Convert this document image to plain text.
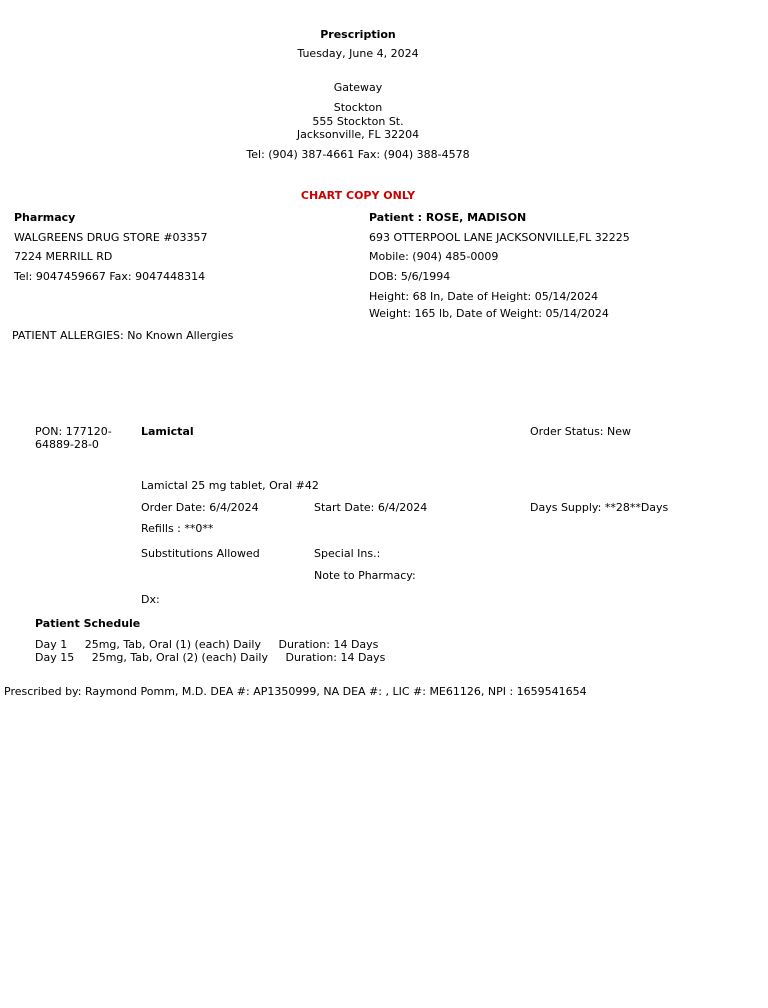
Prescription
Tuesday, June 4, 2024
Gateway
Stockton
555 Stockton St.
Jacksonville, FL 32204
Tel: (904) 387-4661 Fax: (904) 388-4578
CHART COPY ONLY
Pharmacy
WALGREENS DRUG STORE #03357
7224 MERRILL RD
Tel: 9047459667 Fax: 9047448314
Patient : ROSE, MADISON
693 OTTERPOOL LANE JACKSONVILLE,FL 32225
Mobile: (904) 485-0009
DOB: 5/6/1994
Height: 68 In, Date of Height: 05/14/2024
Weight: 165 lb, Date of Weight: 05/14/2024
PATIENT ALLERGIES: No Known Allergies
PON: 177120-64889-28-0
Lamictal	Order Status: New
Lamictal 25 mg tablet, Oral #42
Order Date: 6/4/2024	Start Date: 6/4/2024	Days Supply: **28**Days
Refills : **0**
Substitutions Allowed	Special Ins.:
Note to Pharmacy:
Dx:
Patient Schedule
Day 1     25mg, Tab, Oral (1) (each) Daily     Duration: 14 Days
Day 15     25mg, Tab, Oral (2) (each) Daily     Duration: 14 Days
Prescribed by: Raymond Pomm, M.D. DEA #: AP1350999, NA DEA #: , LIC #: ME61126, NPI : 1659541654
